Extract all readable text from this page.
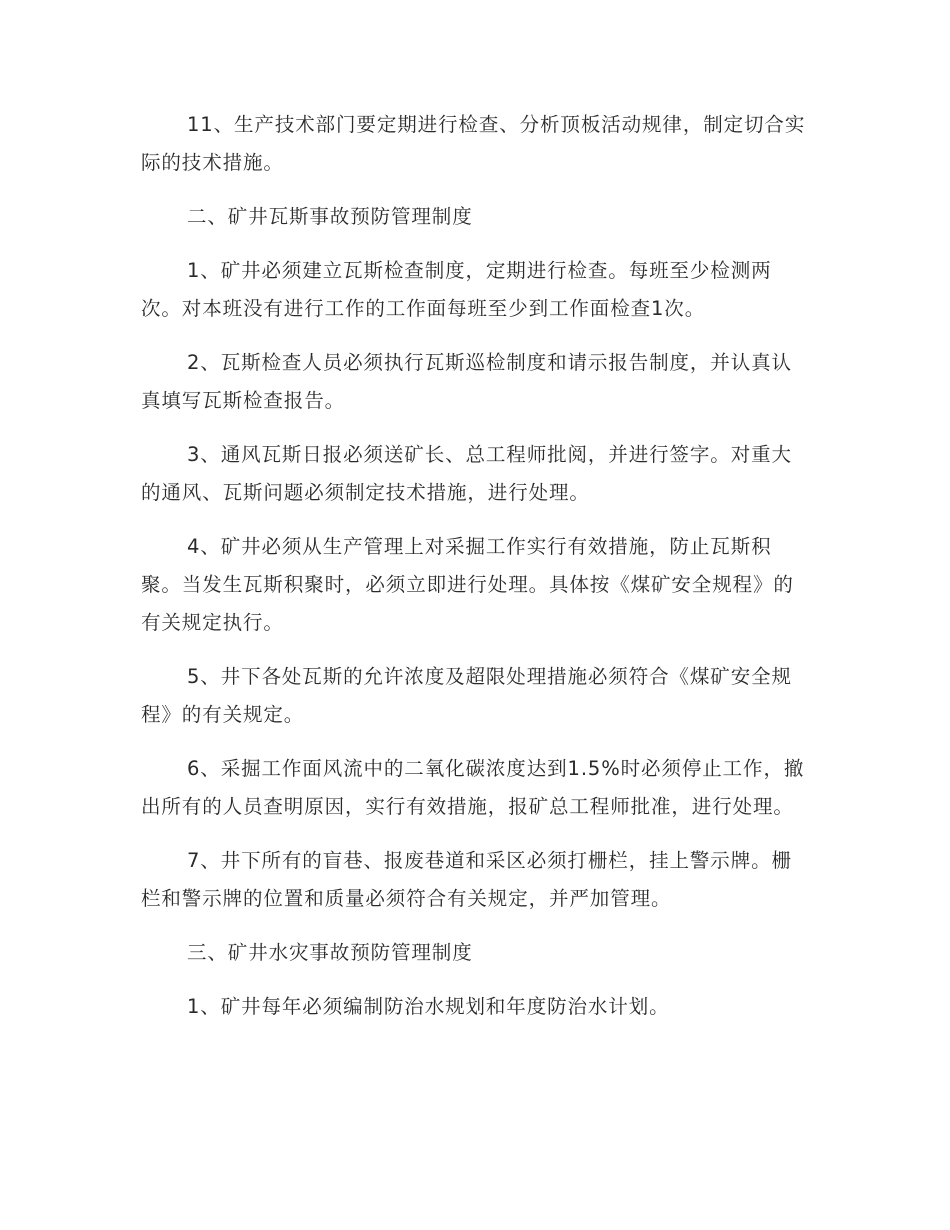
11、生产技术部门要定期进行检查、分析顶板活动规律，制定切合实际的技术措施。

二、矿井瓦斯事故预防管理制度

1、矿井必须建立瓦斯检查制度，定期进行检查。每班至少检测两次。对本班没有进行工作的工作面每班至少到工作面检查1次。

2、瓦斯检查人员必须执行瓦斯巡检制度和请示报告制度，并认真认真填写瓦斯检查报告。

3、通风瓦斯日报必须送矿长、总工程师批阅，并进行签字。对重大的通风、瓦斯问题必须制定技术措施，进行处理。

4、矿井必须从生产管理上对采掘工作实行有效措施，防止瓦斯积聚。当发生瓦斯积聚时，必须立即进行处理。具体按《煤矿安全规程》的有关规定执行。

5、井下各处瓦斯的允许浓度及超限处理措施必须符合《煤矿安全规程》的有关规定。

6、采掘工作面风流中的二氧化碳浓度达到1.5%时必须停止工作，撤出所有的人员查明原因，实行有效措施，报矿总工程师批准，进行处理。

7、井下所有的盲巷、报废巷道和采区必须打栅栏，挂上警示牌。栅栏和警示牌的位置和质量必须符合有关规定，并严加管理。

三、矿井水灾事故预防管理制度

1、矿井每年必须编制防治水规划和年度防治水计划。
